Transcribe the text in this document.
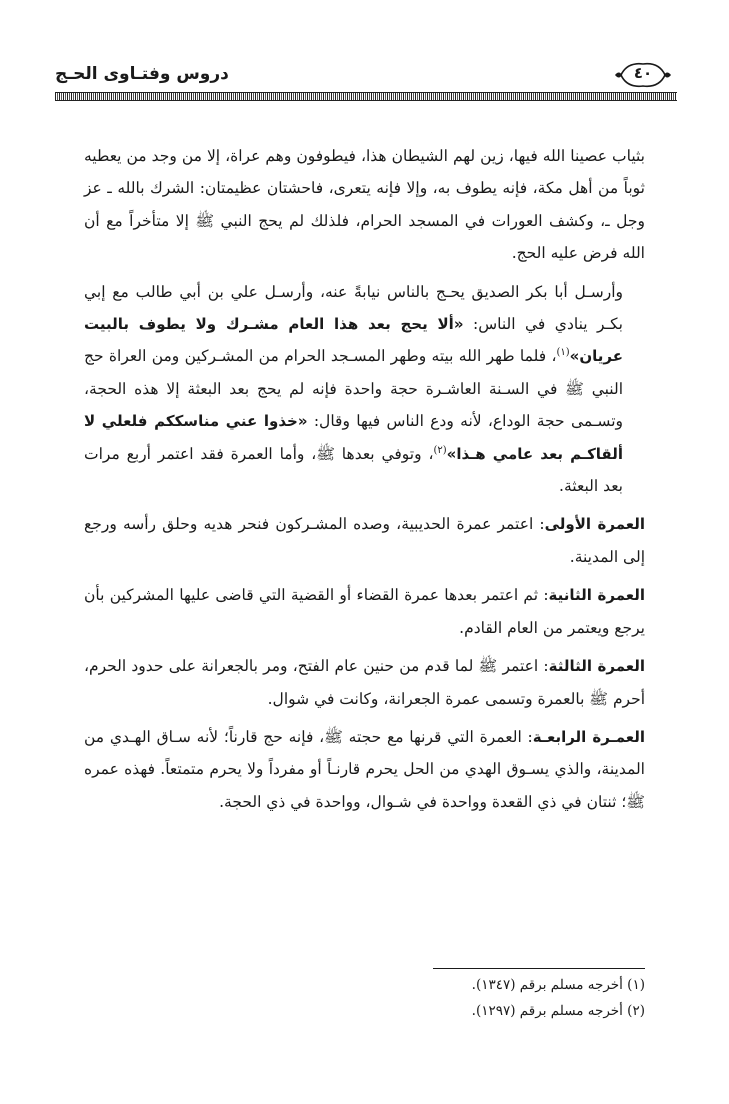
دروس وفتـاوى الحـج	٤٠

بثياب عصينا الله فيها، زين لهم الشيطان هذا، فيطوفون وهم عراة، إلا من وجد من يعطيه ثوباً من أهل مكة، فإنه يطوف به، وإلا فإنه يتعرى، فاحشتان عظيمتان: الشرك بالله ـ عز وجل ـ، وكشف العورات في المسجد الحرام، فلذلك لم يحج النبي ﷺ إلا متأخراً مع أن الله فرض عليه الحج.

وأرسـل أبا بكر الصديق يحـج بالناس نيابةً عنه، وأرسـل علي بن أبي طالب مع إبي بكـر ينادي في الناس: «ألا يحج بعد هذا العام مشـرك ولا يطوف بالبيت عريان»$^{(١)}$، فلما طهر الله بيته وطهر المسـجد الحرام من المشـركين ومن العراة حج النبي ﷺ في السـنة العاشـرة حجة واحدة فإنه لم يحج بعد البعثة إلا هذه الحجة، وتسـمى حجة الوداع، لأنه ودع الناس فيها وقال: «خذوا عني مناسككم فلعلي لا ألقاكـم بعد عامي هـذا»$^{(٢)}$، وتوفي بعدها ﷺ، وأما العمرة فقد اعتمر أربع مرات بعد البعثة.

العمرة الأولى: اعتمر عمرة الحديبية، وصده المشـركون فنحر هديه وحلق رأسه ورجع إلى المدينة.

العمرة الثانية: ثم اعتمر بعدها عمرة القضاء أو القضية التي قاضى عليها المشركين بأن يرجع ويعتمر من العام القادم.

العمرة الثالثة: اعتمر ﷺ لما قدم من حنين عام الفتح، ومر بالجعرانة على حدود الحرم، أحرم ﷺ بالعمرة وتسمى عمرة الجعرانة، وكانت في شوال.

العمـرة الرابعـة: العمرة التي قرنها مع حجته ﷺ، فإنه حج قارناً؛ لأنه سـاق الهـدي من المدينة، والذي يسـوق الهدي من الحل يحرم قارنـاً أو مفرداً ولا يحرم متمتعاً. فهذه عمره ﷺ؛ ثنتان في ذي القعدة وواحدة في شـوال، وواحدة في ذي الحجة.

(١) أخرجه مسلم برقم (١٣٤٧).

(٢) أخرجه مسلم برقم (١٢٩٧).
